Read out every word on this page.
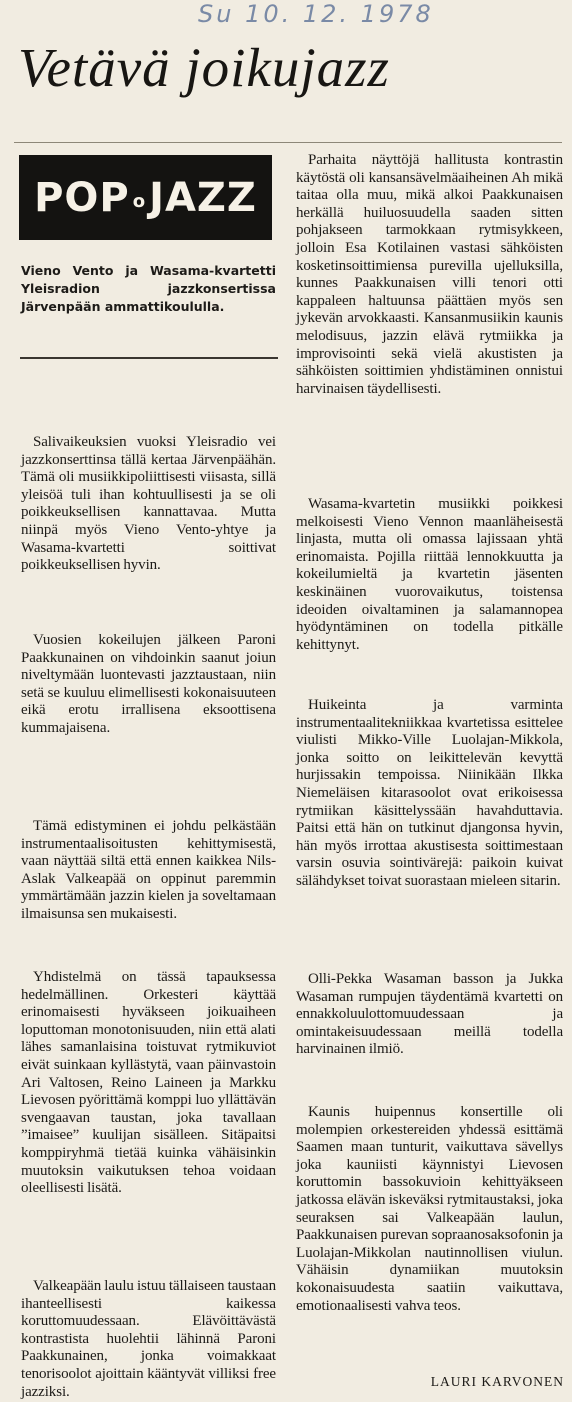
Su 10. 12. 1978
Vetävä joikujazz
POP o JAZZ
Vieno Vento ja Wasama-kvartetti Yleisradion jazzkonsertissa Järvenpään ammattikoululla.

Salivaikeuksien vuoksi Yleisradio vei jazzkonserttinsa tällä kertaa Järvenpäähän. Tämä oli musiikkipoliittisesti viisasta, sillä yleisöä tuli ihan kohtuullisesti ja se oli poikkeuksellisen kannattavaa. Mutta niinpä myös Vieno Vento-yhtye ja Wasama-kvartetti soittivat poikkeuksellisen hyvin.

Vuosien kokeilujen jälkeen Paroni Paakkunainen on vihdoinkin saanut joiun niveltymään luontevasti jazztaustaan, niin setä se kuuluu elimellisesti kokonaisuuteen eikä erotu irrallisena eksoottisena kummajaisena.

Tämä edistyminen ei johdu pelkästään instrumentaalisoitusten kehittymisestä, vaan näyttää siltä että ennen kaikkea Nils-Aslak Valkeapää on oppinut paremmin ymmärtämään jazzin kielen ja soveltamaan ilmaisunsa sen mukaisesti.

Yhdistelmä on tässä tapauksessa hedelmällinen. Orkesteri käyttää erinomaisesti hyväkseen joikuaiheen loputtoman monotonisuuden, niin että alati lähes samanlaisina toistuvat rytmikuviot eivät suinkaan kyllästytä, vaan päinvastoin Ari Valtosen, Reino Laineen ja Markku Lievosen pyörittämä komppi luo yllättävän svengaavan taustan, joka tavallaan ”imaisee” kuulijan sisälleen. Sitäpaitsi komppiryhmä tietää kuinka vähäisinkin muutoksin vaikutuksen tehoa voidaan oleellisesti lisätä.

Valkeapään laulu istuu tällaiseen taustaan ihanteellisesti kaikessa koruttomuudessaan. Elävöittävästä kontrastista huolehtii lähinnä Paroni Paakkunainen, jonka voimakkaat tenorisoolot ajoittain kääntyvät villiksi free jazziksi.

Parhaita näyttöjä hallitusta kontrastin käytöstä oli kansansävelmäaiheinen Ah mikä taitaa olla muu, mikä alkoi Paakkunaisen herkällä huiluosuudella saaden sitten pohjakseen tarmokkaan rytmisykkeen, jolloin Esa Kotilainen vastasi sähköisten kosketinsoittimiensa purevilla ujelluksilla, kunnes Paakkunaisen villi tenori otti kappaleen haltuunsa päättäen myös sen jykevän arvokkaasti. Kansanmusiikin kaunis melodisuus, jazzin elävä rytmiikka ja improvisointi sekä vielä akustisten ja sähköisten soittimien yhdistäminen onnistui harvinaisen täydellisesti.

Wasama-kvartetin musiikki poikkesi melkoisesti Vieno Vennon maanläheisestä linjasta, mutta oli omassa lajissaan yhtä erinomaista. Pojilla riittää lennokkuutta ja kokeilumieltä ja kvartetin jäsenten keskinäinen vuorovaikutus, toistensa ideoiden oivaltaminen ja salamannopea hyödyntäminen on todella pitkälle kehittynyt.

Huikeinta ja varminta instrumentaalitekniikkaa kvartetissa esittelee viulisti Mikko-Ville Luolajan-Mikkola, jonka soitto on leikittelevän kevyttä hurjissakin tempoissa. Niinikään Ilkka Niemeläisen kitarasoolot ovat erikoisessa rytmiikan käsittelyssään havahduttavia. Paitsi että hän on tutkinut djangonsa hyvin, hän myös irrottaa akustisesta soittimestaan varsin osuvia sointivärejä: paikoin kuivat sälähdykset toivat suorastaan mieleen sitarin.

Olli-Pekka Wasaman basson ja Jukka Wasaman rumpujen täydentämä kvartetti on ennakkoluulottomuudessaan ja omintakeisuudessaan meillä todella harvinainen ilmiö.

Kaunis huipennus konsertille oli molempien orkestereiden yhdessä esittämä Saamen maan tunturit, vaikuttava sävellys joka kauniisti käynnistyi Lievosen koruttomin bassokuvioin kehittyäkseen jatkossa elävän iskeväksi rytmitaustaksi, joka seuraksen sai Valkeapään laulun, Paakkunaisen purevan sopraanosaksofonin ja Luolajan-Mikkolan nautinnollisen viulun. Vähäisin dynamiikan muutoksin kokonaisuudesta saatiin vaikuttava, emotionaalisesti vahva teos.

LAURI KARVONEN
